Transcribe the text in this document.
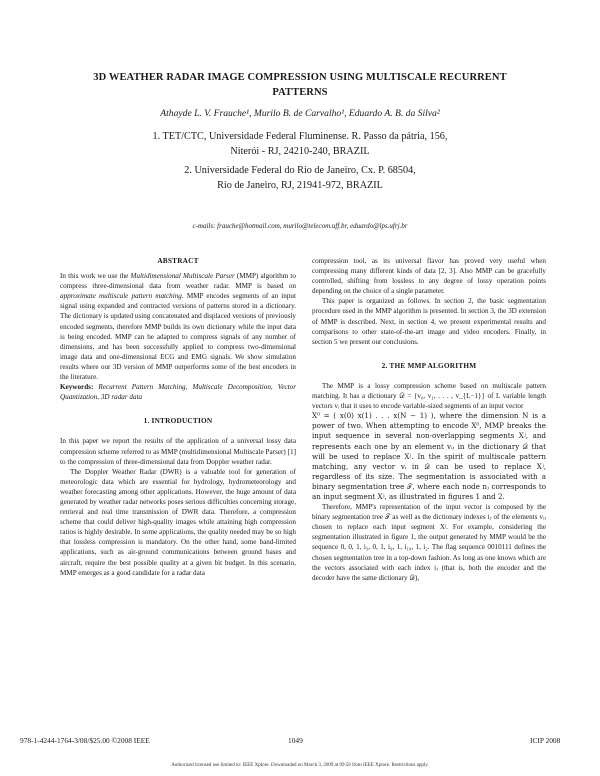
3D WEATHER RADAR IMAGE COMPRESSION USING MULTISCALE RECURRENT
PATTERNS
Athayde L. V. Frauche¹, Murilo B. de Carvalho¹, Eduardo A. B. da Silva²
1. TET/CTC, Universidade Federal Fluminense. R. Passo da pátria, 156,
Niterói - RJ, 24210-240, BRAZIL
2. Universidade Federal do Rio de Janeiro, Cx. P. 68504,
Rio de Janeiro, RJ, 21941-972, BRAZIL
c-mails: frauche@hotmail.com, murilo@telecom.uff.br, eduardo@lps.ufrj.br
ABSTRACT

In this work we use the Multidimensional Multiscale Parser (MMP) algorithm to compress three-dimensional data from weather radar. MMP is based on approximate multiscale pattern matching. MMP encodes segments of an input signal using expanded and contracted versions of patterns stored in a dictionary. The dictionary is updated using concatenated and displaced versions of previously encoded segments, therefore MMP builds its own dictionary while the input data is being encoded. MMP can be adapted to compress signals of any number of dimensions, and has been successfully applied to compress two-dimensional image data and one-dimensional ECG and EMG signals. We show simulation results where our 3D version of MMP outperforms some of the best encoders in the literature.

Keywords: Recurrent Pattern Matching, Multiscale Decomposition, Vector Quantization, 3D radar data

1. INTRODUCTION

In this paper we report the results of the application of a universal lossy data compression scheme referred to as MMP (multidimensional Multiscale Parser) [1] to the compression of three-dimensional data from Doppler weather radar.

The Doppler Weather Radar (DWR) is a valuable tool for generation of meteorologic data which are essential for hydrology, hydrometeorology and weather forecasting among other applications. However, the huge amount of data generated by weather radar networks poses serious difficulties concerning storage, retrieval and real time transmission of DWR data. Therefore, a compression scheme that could deliver high-quality images while attaining high compression ratios is highly desirable. In some applications, the quality needed may be so high that lossless compression is mandatory. On the other hand, some band-limited applications, such as air-ground communications between ground bases and aircraft, require the best possible quality at a given bit budget. In this scenario, MMP emerges as a good candidate for a radar data

compression tool, as its universal flavor has proved very useful when compressing many different kinds of data [2, 3]. Also MMP can be gracefully controlled, shifting from lossless to any degree of lossy operation points depending on the choice of a single parameter.

This paper is organized as follows. In section 2, the basic segmentation procedure used in the MMP algorithm is presented. In section 3, the 3D extension of MMP is described. Next, in section 4, we present experimental results and comparisons to other state-of-the-art image and video encoders. Finally, in section 5 we present our conclusions.

2. THE MMP ALGORITHM

The MMP is a lossy compression scheme based on multiscale pattern matching. It has a dictionary 𝒟 = {v₀, v₁, . . . , v_{L−1}} of L variable length vectors vᵢ that it uses to encode variable-sized segments of an input vector

X⁰ = ( x(0) x(1) . . . x(N − 1) ), where the dimension N is a power of two. When attempting to encode X⁰, MMP breaks the input sequence in several non-overlapping segments Xʲ, and represents each one by an element vᵢⱼ in the dictionary 𝒟 that will be used to replace Xʲ. In the spirit of multiscale pattern matching, any vector vᵢ in 𝒟 can be used to replace Xʲ, regardless of its size. The segmentation is associated with a binary segmentation tree 𝒯, where each node nⱼ corresponds to an input segment Xʲ, as illustrated in figures 1 and 2.

Therefore, MMP's representation of the input vector is composed by the binary segmentation tree 𝒯 as well as the dictionary indexes iⱼ of the elements vᵢⱼ chosen to replace each input segment Xʲ. For example, considering the segmentation illustrated in figure 1, the output generated by MMP would be the sequence 0, 0, 1, i₃, 0, 1, i₉, 1, i₁₀, 1, i₂. The flag sequence 0010111 defines the chosen segmentation tree in a top-down fashion. As long as one knows which are the vectors associated with each index iⱼ (that is, both the encoder and the decoder have the same dictionary 𝒟),

978-1-4244-1764-3/08/$25.00 ©2008 IEEE	1049	ICIP 2008
Authorized licensed use limited to: IEEE Xplore. Downloaded on March 3, 2009 at 09:56 from IEEE Xplore. Restrictions apply.
